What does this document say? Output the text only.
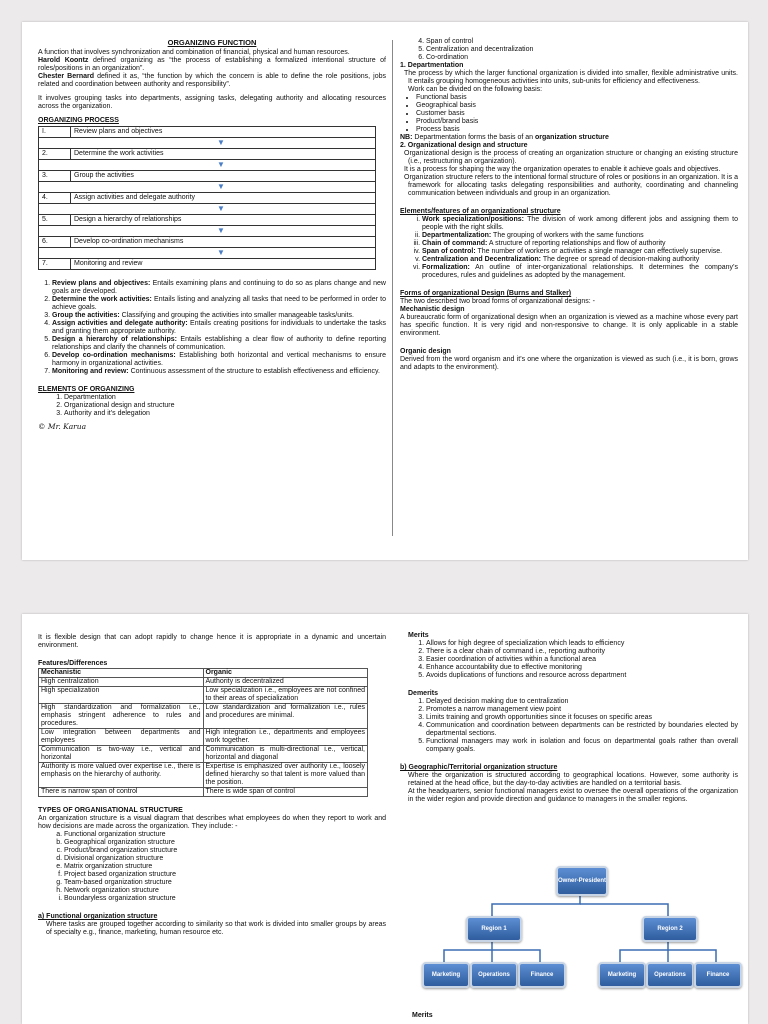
ORGANIZING FUNCTION

A function that involves synchronization and combination of financial, physical and human resources.

Harold Koontz defined organizing as “the process of establishing a formalized intentional structure of roles/positions in an organization”.

Chester Bernard defined it as, “the function by which the concern is able to define the role positions, jobs related and coordination between authority and responsibility”.

It involves grouping tasks into departments, assigning tasks, delegating authority and allocating resources across the organization.

ORGANIZING PROCESS

I.	Review plans and objectives
▼
2.	Determine the work activities
▼
3.	Group the activities
▼
4.	Assign activities and delegate authority
▼
5.	Design a hierarchy of relationships
▼
6.	Develop co-ordination mechanisms
▼
7.	Monitoring and review
1. Review plans and objectives: Entails examining plans and continuing to do so as plans change and new goals are developed.
2. Determine the work activities: Entails listing and analyzing all tasks that need to be performed in order to achieve goals.
3. Group the activities: Classifying and grouping the activities into smaller manageable tasks/units.
4. Assign activities and delegate authority: Entails creating positions for individuals to undertake the tasks and granting them appropriate authority.
5. Design a hierarchy of relationships: Entails establishing a clear flow of authority to define reporting relationships and clarify the channels of communication.
6. Develop co-ordination mechanisms: Establishing both horizontal and vertical mechanisms to ensure harmony in organizational activities.
7. Monitoring and review: Continuous assessment of the structure to establish effectiveness and efficiency.

ELEMENTS OF ORGANIZING

1. Departmentation
2. Organizational design and structure
3. Authority and it’s delegation

© Mr. Karua

4. Span of control
5. Centralization and decentralization
6. Co-ordination

1. Departmentation

The process by which the larger functional organization is divided into smaller, flexible administrative units. It entails grouping homogeneous activities into units, sub-units for efficiency and effectiveness.

Work can be divided on the following basis:

• Functional basis
• Geographical basis
• Customer basis
• Product/brand basis
• Process basis

NB: Departmentation forms the basis of an organization structure

2. Organizational design and structure

Organizational design is the process of creating an organization structure or changing an existing structure (i.e., restructuring an organization).

It is a process for shaping the way the organization operates to enable it achieve goals and objectives.

Organization structure refers to the intentional formal structure of roles or positions in an organization. It is a framework for allocating tasks delegating responsibilities and authority, coordinating and channeling communication between individuals and group in an organization.

Elements/features of an organizational structure

i. Work specialization/positions: The division of work among different jobs and assigning them to people with the right skills.
ii. Departmentalization: The grouping of workers with the same functions
iii. Chain of command: A structure of reporting relationships and flow of authority
iv. Span of control: The number of workers or activities a single manager can effectively supervise.
v. Centralization and Decentralization: The degree or spread of decision-making authority
vi. Formalization: An outline of inter-organizational relationships. It determines the company’s procedures, rules and guidelines as adopted by the management.

Forms of organizational Design (Burns and Stalker)

The two described two broad forms of organizational designs: -

Mechanistic design

A bureaucratic form of organizational design when an organization is viewed as a machine whose every part has specific function. It is very rigid and non-responsive to change. It is only applicable in a stable environment.

Organic design

Derived from the word organism and it’s one where the organization is viewed as such (i.e., it is born, grows and adapts to the environment).

It is flexible design that can adopt rapidly to change hence it is appropriate in a dynamic and uncertain environment.

Features/Differences

Mechanistic	Organic
High centralization	Authority is decentralized
High specialization	Low specialization i.e., employees are not confined to their areas of specialization
High standardization and formalization i.e., emphasis stringent adherence to rules and procedures.	Low standardization and formalization i.e., rules and procedures are minimal.
Low integration between departments and employees	High integration i.e., departments and employees work together.
Communication is two-way i.e., vertical and horizontal	Communication is multi-directional i.e., vertical, horizontal and diagonal
Authority is more valued over expertise i.e., there is emphasis on the hierarchy of authority.	Expertise is emphasized over authority i.e., loosely defined hierarchy so that talent is more valued than the position.
There is narrow span of control	There is wide span of control

TYPES OF ORGANISATIONAL STRUCTURE

An organization structure is a visual diagram that describes what employees do when they report to work and how decisions are made across the organization. They include: -

a. Functional organization structure
b. Geographical organization structure
c. Product/brand organization structure
d. Divisional organization structure
e. Matrix organization structure
f. Project based organization structure
g. Team-based organization structure
h. Network organization structure
i. Boundaryless organization structure

a) Functional organization structure

Where tasks are grouped together according to similarity so that work is divided into smaller groups by areas of specialty e.g., finance, marketing, human resource etc.

Merits

1. Allows for high degree of specialization which leads to efficiency
2. There is a clear chain of command i.e., reporting authority
3. Easier coordination of activities within a functional area
4. Enhance accountability due to effective monitoring
5. Avoids duplications of functions and resource across department

Demerits

1. Delayed decision making due to centralization
2. Promotes a narrow management view point
3. Limits training and growth opportunities since it focuses on specific areas
4. Communication and coordination between departments can be restricted by boundaries elected by departmental sections.
5. Functional managers may work in isolation and focus on departmental goals rather than overall company goals.

b) Geographic/Territorial organization structure

Where the organization is structured according to geographical locations. However, some authority is retained at the head office, but the day-to-day activities are handled on a territorial basis.

At the headquarters, senior functional managers exist to oversee the overall operations of the organization in the wider region and provide direction and guidance to managers in the smaller regions.

Owner-President
Region 1	Region 2
Marketing	Operations	Finance	Marketing	Operations	Finance

Merits
